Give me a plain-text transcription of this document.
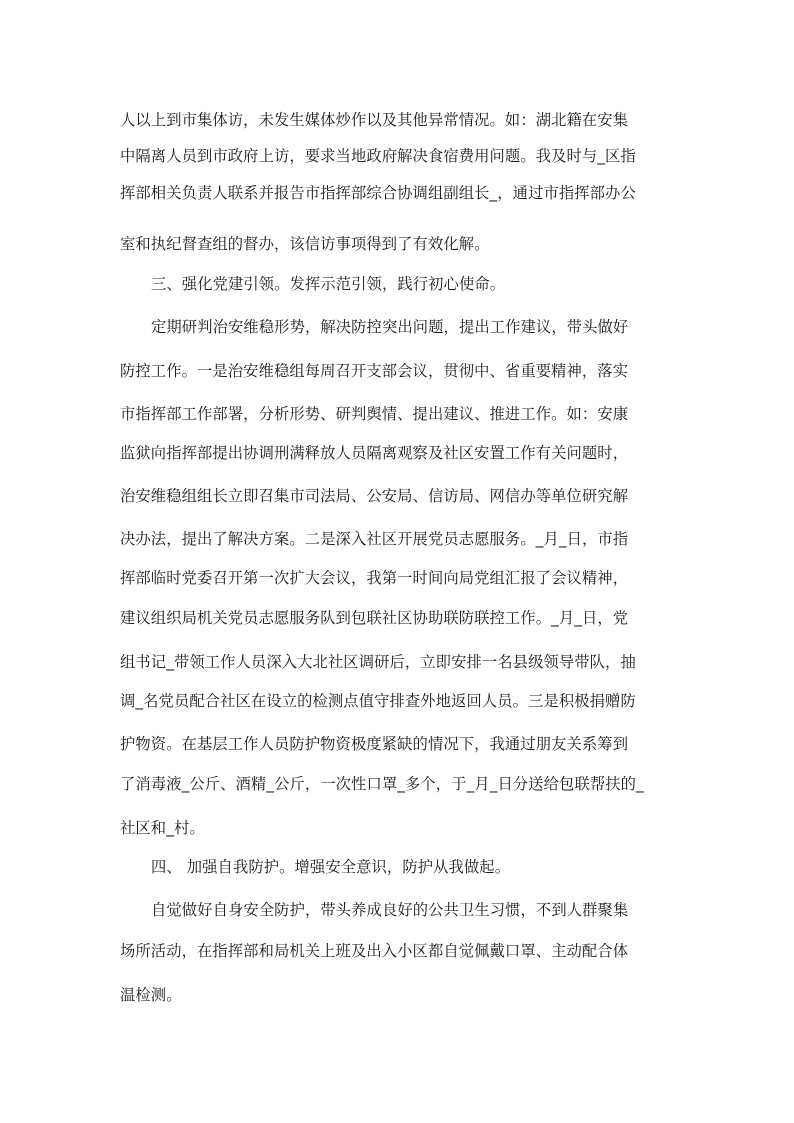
人以上到市集体访，未发生媒体炒作以及其他异常情况。如：湖北籍在安集
中隔离人员到市政府上访，要求当地政府解决食宿费用问题。我及时与_区指
挥部相关负责人联系并报告市指挥部综合协调组副组长_，通过市指挥部办公
室和执纪督查组的督办，该信访事项得到了有效化解。
三、强化党建引领。发挥示范引领，践行初心使命。
定期研判治安维稳形势，解决防控突出问题，提出工作建议，带头做好
防控工作。一是治安维稳组每周召开支部会议，贯彻中、省重要精神，落实
市指挥部工作部署，分析形势、研判舆情、提出建议、推进工作。如：安康
监狱向指挥部提出协调刑满释放人员隔离观察及社区安置工作有关问题时，
治安维稳组组长立即召集市司法局、公安局、信访局、网信办等单位研究解
决办法，提出了解决方案。二是深入社区开展党员志愿服务。_月_日，市指
挥部临时党委召开第一次扩大会议，我第一时间向局党组汇报了会议精神，
建议组织局机关党员志愿服务队到包联社区协助联防联控工作。_月_日，党
组书记_带领工作人员深入大北社区调研后，立即安排一名县级领导带队，抽
调_名党员配合社区在设立的检测点值守排查外地返回人员。三是积极捐赠防
护物资。在基层工作人员防护物资极度紧缺的情况下，我通过朋友关系筹到
了消毒液_公斤、酒精_公斤，一次性口罩_多个，于_月_日分送给包联帮扶的_
社区和_村。
四、 加强自我防护。增强安全意识，防护从我做起。
自觉做好自身安全防护，带头养成良好的公共卫生习惯，不到人群聚集
场所活动，在指挥部和局机关上班及出入小区都自觉佩戴口罩、主动配合体
温检测。
